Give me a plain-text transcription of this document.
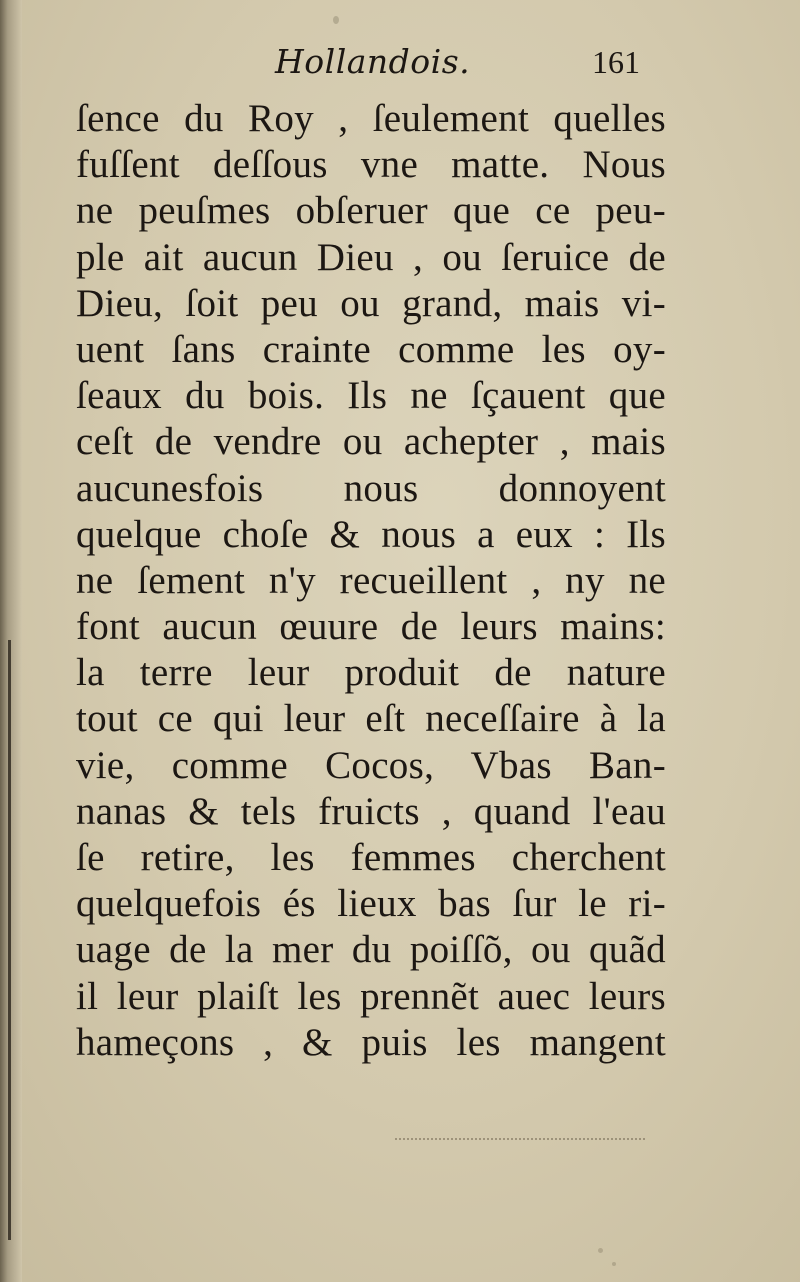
Hollandois.	161
ſence du Roy , ſeulement quelles
fuſſent deſſous vne matte. Nous
ne peuſmes obſeruer que ce peu-
ple ait aucun Dieu , ou ſeruice de
Dieu, ſoit peu ou grand, mais vi-
uent ſans crainte comme les oy-
ſeaux du bois. Ils ne ſçauent que
ceſt de vendre ou achepter , mais
aucunesfois nous donnoyent
quelque choſe & nous a eux : Ils
ne ſement n'y recueillent , ny ne
font aucun œuure de leurs mains:
la terre leur produit de nature
tout ce qui leur eſt neceſſaire à la
vie, comme Cocos, Vbas Ban-
nanas & tels fruicts , quand l'eau
ſe retire, les femmes cherchent
quelquefois és lieux bas ſur le ri-
uage de la mer du poiſſõ, ou quãd
il leur plaiſt les prennẽt auec leurs
hameçons , & puis les mangent
